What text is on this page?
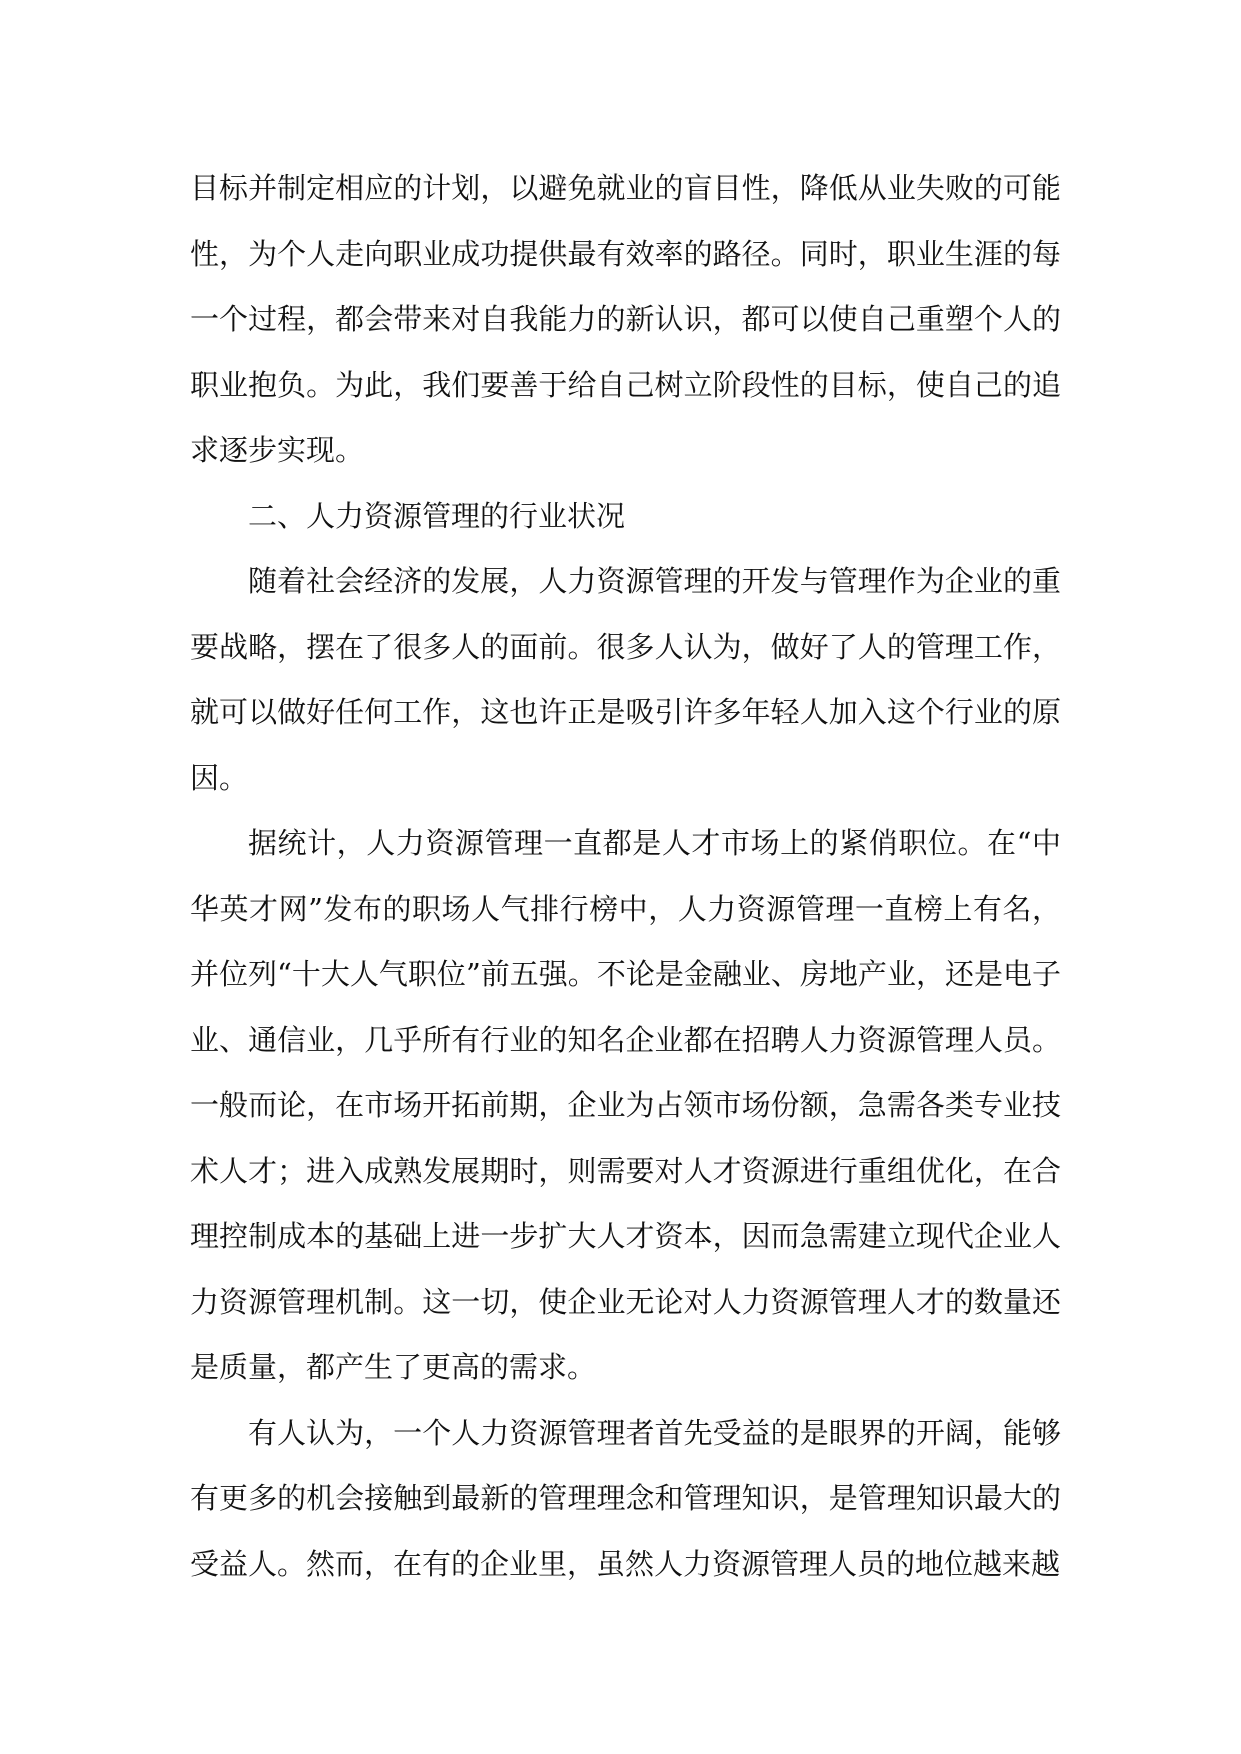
目标并制定相应的计划，以避免就业的盲目性，降低从业失败的可能性，为个人走向职业成功提供最有效率的路径。同时，职业生涯的每一个过程，都会带来对自我能力的新认识，都可以使自己重塑个人的职业抱负。为此，我们要善于给自己树立阶段性的目标，使自己的追求逐步实现。

二、人力资源管理的行业状况

随着社会经济的发展，人力资源管理的开发与管理作为企业的重要战略，摆在了很多人的面前。很多人认为，做好了人的管理工作，就可以做好任何工作，这也许正是吸引许多年轻人加入这个行业的原因。

据统计，人力资源管理一直都是人才市场上的紧俏职位。在“中华英才网”发布的职场人气排行榜中，人力资源管理一直榜上有名，并位列“十大人气职位”前五强。不论是金融业、房地产业，还是电子业、通信业，几乎所有行业的知名企业都在招聘人力资源管理人员。一般而论，在市场开拓前期，企业为占领市场份额，急需各类专业技术人才；进入成熟发展期时，则需要对人才资源进行重组优化，在合理控制成本的基础上进一步扩大人才资本，因而急需建立现代企业人力资源管理机制。这一切，使企业无论对人力资源管理人才的数量还是质量，都产生了更高的需求。

有人认为，一个人力资源管理者首先受益的是眼界的开阔，能够有更多的机会接触到最新的管理理念和管理知识，是管理知识最大的受益人。然而，在有的企业里，虽然人力资源管理人员的地位越来越
